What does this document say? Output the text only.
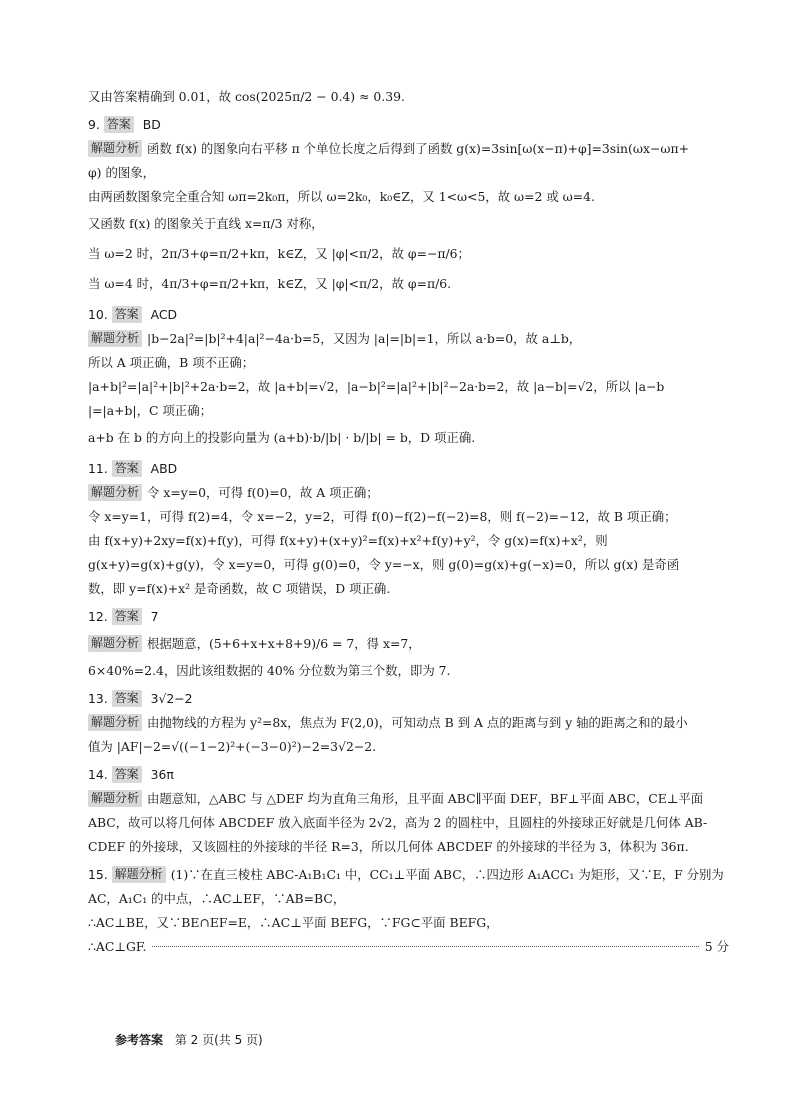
又由答案精确到 0.01，故 cos(2025π/2 − 0.4) ≈ 0.39.
9. 答案 BD
解题分析 函数 f(x) 的图象向右平移 π 个单位长度之后得到了函数 g(x)=3sin[ω(x−π)+φ]=3sin(ωx−ωπ+
φ) 的图象，
由两函数图象完全重合知 ωπ=2k₀π，所以 ω=2k₀，k₀∈Z，又 1<ω<5，故 ω=2 或 ω=4.
又函数 f(x) 的图象关于直线 x=π/3 对称，
当 ω=2 时，2π/3+φ=π/2+kπ，k∈Z，又 |φ|<π/2，故 φ=−π/6；
当 ω=4 时，4π/3+φ=π/2+kπ，k∈Z，又 |φ|<π/2，故 φ=π/6.
10. 答案 ACD
解题分析 |b−2a|²=|b|²+4|a|²−4a·b=5，又因为 |a|=|b|=1，所以 a·b=0，故 a⊥b，
所以 A 项正确，B 项不正确；
|a+b|²=|a|²+|b|²+2a·b=2，故 |a+b|=√2，|a−b|²=|a|²+|b|²−2a·b=2，故 |a−b|=√2，所以 |a−b
|=|a+b|，C 项正确；
a+b 在 b 的方向上的投影向量为 (a+b)·b/|b| · b/|b| = b，D 项正确.
11. 答案 ABD
解题分析 令 x=y=0，可得 f(0)=0，故 A 项正确；
令 x=y=1，可得 f(2)=4，令 x=−2，y=2，可得 f(0)−f(2)−f(−2)=8，则 f(−2)=−12，故 B 项正确；
由 f(x+y)+2xy=f(x)+f(y)，可得 f(x+y)+(x+y)²=f(x)+x²+f(y)+y²，令 g(x)=f(x)+x²，则
g(x+y)=g(x)+g(y)，令 x=y=0，可得 g(0)=0，令 y=−x，则 g(0)=g(x)+g(−x)=0，所以 g(x) 是奇函
数，即 y=f(x)+x² 是奇函数，故 C 项错误，D 项正确.
12. 答案 7
解题分析 根据题意，(5+6+x+x+8+9)/6 = 7，得 x=7，
6×40%=2.4，因此该组数据的 40% 分位数为第三个数，即为 7.
13. 答案 3√2−2
解题分析 由抛物线的方程为 y²=8x，焦点为 F(2,0)，可知动点 B 到 A 点的距离与到 y 轴的距离之和的最小
值为 |AF|−2=√((−1−2)²+(−3−0)²)−2=3√2−2.
14. 答案 36π
解题分析 由题意知，△ABC 与 △DEF 均为直角三角形，且平面 ABC∥平面 DEF，BF⊥平面 ABC，CE⊥平面
ABC，故可以将几何体 ABCDEF 放入底面半径为 2√2，高为 2 的圆柱中，且圆柱的外接球正好就是几何体 AB-
CDEF 的外接球，又该圆柱的外接球的半径 R=3，所以几何体 ABCDEF 的外接球的半径为 3，体积为 36π.
15. 解题分析 (1)∵在直三棱柱 ABC-A₁B₁C₁ 中，CC₁⊥平面 ABC，∴四边形 A₁ACC₁ 为矩形，又∵E，F 分别为
AC，A₁C₁ 的中点，∴AC⊥EF，∵AB=BC，
∴AC⊥BE，又∵BE∩EF=E，∴AC⊥平面 BEFG，∵FG⊂平面 BEFG，
∴AC⊥GF.	5 分
参考答案 第 2 页(共 5 页)
